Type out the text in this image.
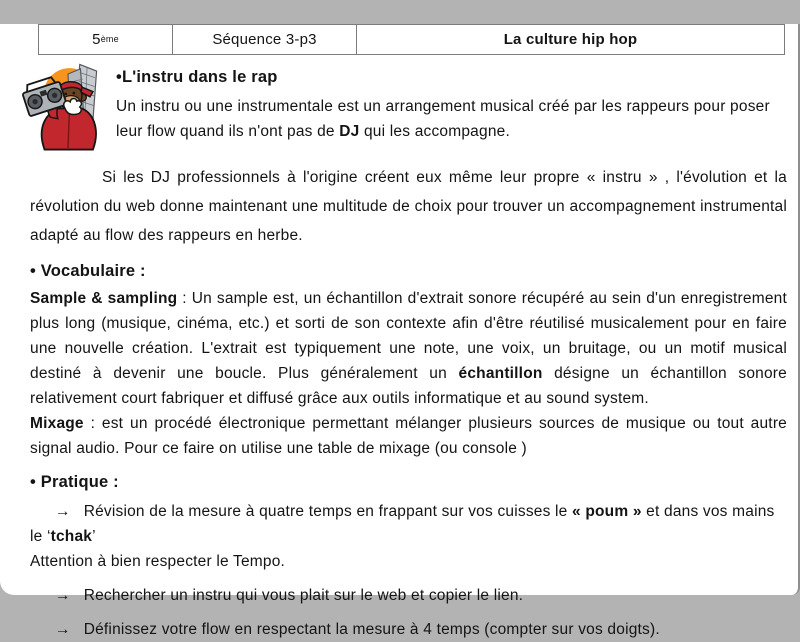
5 ème	Séquence 3-p3	La culture hip hop
•L'instru dans le rap

Un instru ou une instrumentale est un arrangement musical créé par les rappeurs pour poser leur flow quand ils n'ont pas de DJ qui les accompagne.

Si les DJ professionnels à l'origine créent eux même leur propre « instru » , l'évolution et la révolution du web donne maintenant une multitude de choix pour trouver un accompagnement instrumental adapté au flow des rappeurs en herbe.

• Vocabulaire :

Sample & sampling : Un sample est, un échantillon d'extrait sonore récupéré au sein d'un enregistrement plus long (musique, cinéma, etc.) et sorti de son contexte afin d'être réutilisé musicalement pour en faire une nouvelle création. L'extrait est typiquement une note, une voix, un bruitage, ou un motif musical destiné à devenir une boucle. Plus généralement un échantillon désigne un échantillon sonore relativement court fabriquer et diffusé grâce aux outils informatique et au sound system.

Mixage : est un procédé électronique permettant mélanger plusieurs sources de musique ou tout autre signal audio. Pour ce faire on utilise une table de mixage (ou console )

• Pratique :

→ Révision de la mesure à quatre temps en frappant sur vos cuisses le « poum » et dans vos mains le ‘tchak’
Attention à bien respecter le Tempo.

→ Rechercher un instru qui vous plait sur le web et copier le lien.

→ Définissez votre flow en respectant la mesure à 4 temps (compter sur vos doigts).
